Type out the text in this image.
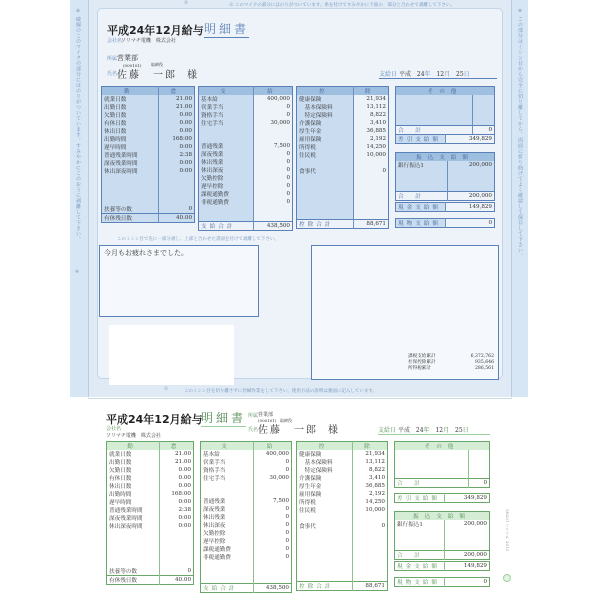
※ 破線のこのマイクの部分にはのりがついています。すみやかにこのおうに剥離して下さい。
④
※ この部分はミシン目から完全に切り離してから、両面に折り曲げてよく確認して保存して下さい。
②	※ このマイクの部分にはのりがついています。糸を付けてすみやかに下面の　部分と合わせて剥離して下さい。
平成24年12月給与 明細書
会社名
ソリマチ電機　株式会社
所属 営業部
(000101) 取締役
氏名 佐藤　一郎 様	支給日 平成 24年 12月 25日
勤	怠
就業日数	21.00
出勤日数	21.00
欠勤日数	0.00
有休日数	0.00
休出日数	0.00
出勤時間	168:00
遅早時間	0:00
普通残業時間	2:38
深夜残業時間	0:00
休出深夜時間	0:00

扶養等の数	0
有休残日数	40.00
支	給
基本給	400,000
営業手当	0
資格手当	0
住宅手当	30,000

普通残業	7,500
深夜残業	0
休出残業	0
休出深夜	0
欠勤控除	0
遅早控除	0
課税通勤費	0
非税通勤費	0

支給合計	438,500
控	除
健康保険	21,934
　基本保険料	13,112
　特定保険料	8,822
介護保険	3,410
厚生年金	36,885
雇用保険	2,192
所得税	14,250
住民税	10,000

食事代	0

控除合計	88,671
その他	

合　計	0
差引支給額	349,829
振込支給額	
銀行振込1	200,000

合　計	200,000
現金支給額	149,829
現物支給額	0
このミシン目で先に一部分剥し、上部と合わせた書面を付けて剥離して下さい。
今月もお疲れさまでした。
課税支給累計	6,372,762
社保控除累計	935,646
所得税累計	286,561
①	このミシン目を切り離さずに封緘作業をして下さい。使用方法の説明は裏面に記入しています。
平成24年12月給与
明細書
会社名
ソリマチ電機　株式会社
所属 営業部
(000101) 取締役
氏名 佐藤　一郎 様	支給日 平成 24年 12月 25日
勤	怠
就業日数	21.00
出勤日数	21.00
欠勤日数	0.00
有休日数	0.00
休出日数	0.00
出勤時間	168:00
遅早時間	0:00
普通残業時間	2:38
深夜残業時間	0:00
休出深夜時間	0:00

扶養等の数	0
有休残日数	40.00
支	給
基本給	400,000
営業手当	0
資格手当	0
住宅手当	30,000

普通残業	7,500
深夜残業	0
休出残業	0
休出深夜	0
欠勤控除	0
遅早控除	0
課税通勤費	0
非税通勤費	0

支給合計	438,500
控	除
健康保険	21,934
　基本保険料	13,112
　特定保険料	8,822
介護保険	3,410
厚生年金	36,885
雇用保険	2,192
所得税	14,250
住民税	10,000

食事代	0

控除合計	88,671
その他	

合　計	0
差引支給額	349,829
振込支給額	
銀行振込1	200,000

合　計	200,000
現金支給額	149,829
現物支給額	0
SR231 ソリマチ 2012
